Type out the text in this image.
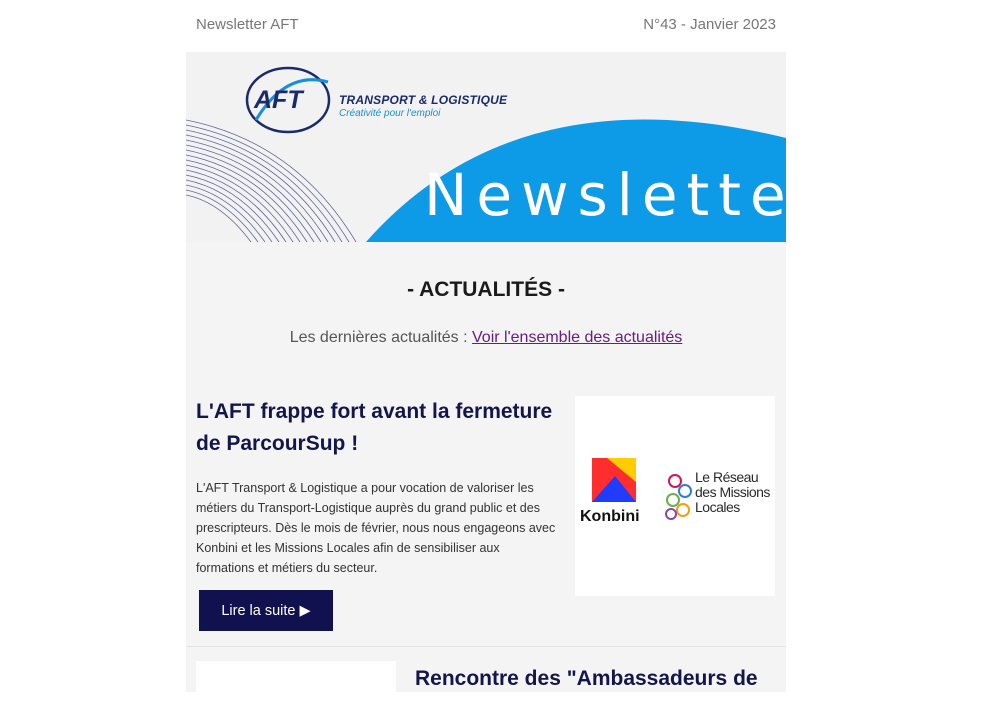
Newsletter AFT	N°43 - Janvier 2023
AFT	TRANSPORT & LOGISTIQUE
Créativité pour l'emploi
Newsletter
- ACTUALITÉS -
Les dernières actualités : Voir l'ensemble des actualités
L'AFT frappe fort avant la fermeture de ParcourSup !
L'AFT Transport & Logistique a pour vocation de valoriser les métiers du Transport-Logistique auprès du grand public et des prescripteurs. Dès le mois de février, nous nous engageons avec Konbini et les Missions Locales afin de sensibiliser aux formations et métiers du secteur.
Lire la suite ▶
Konbini
Le Réseau des Missions Locales
Rencontre des "Ambassadeurs de
